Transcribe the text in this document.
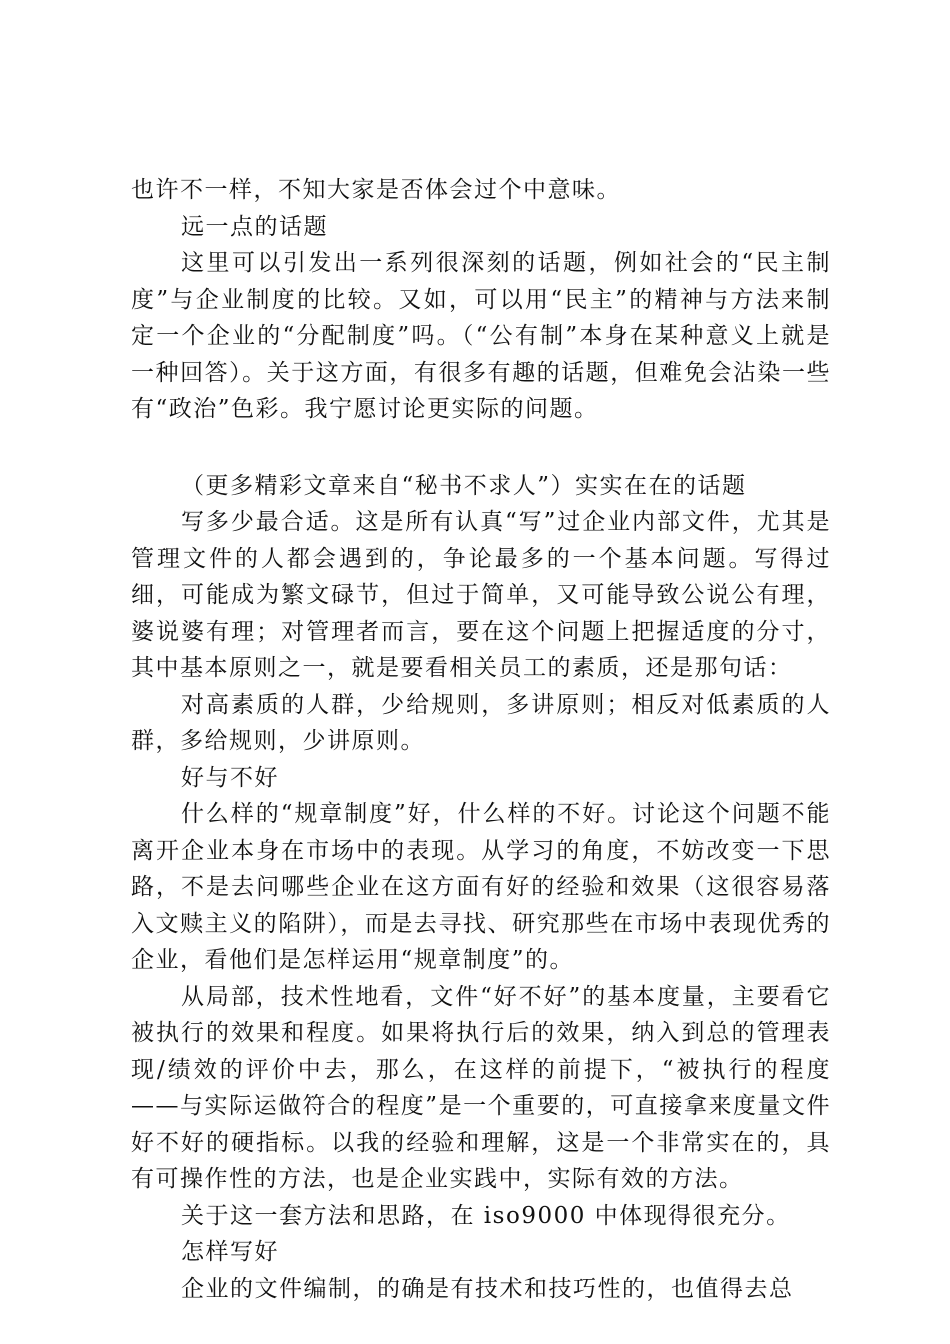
也许不一样，不知大家是否体会过个中意味。

远一点的话题

这里可以引发出一系列很深刻的话题，例如社会的“民主制度”与企业制度的比较。又如，可以用“民主”的精神与方法来制定一个企业的“分配制度”吗。（“公有制”本身在某种意义上就是一种回答）。关于这方面，有很多有趣的话题，但难免会沾染一些有“政治”色彩。我宁愿讨论更实际的问题。

（更多精彩文章来自“秘书不求人”）实实在在的话题

写多少最合适。这是所有认真“写”过企业内部文件，尤其是管理文件的人都会遇到的，争论最多的一个基本问题。写得过细，可能成为繁文碌节，但过于简单，又可能导致公说公有理，婆说婆有理；对管理者而言，要在这个问题上把握适度的分寸，其中基本原则之一，就是要看相关员工的素质，还是那句话：

对高素质的人群，少给规则，多讲原则；相反对低素质的人群，多给规则，少讲原则。

好与不好

什么样的“规章制度”好，什么样的不好。讨论这个问题不能离开企业本身在市场中的表现。从学习的角度，不妨改变一下思路，不是去问哪些企业在这方面有好的经验和效果（这很容易落入文赎主义的陷阱），而是去寻找、研究那些在市场中表现优秀的企业，看他们是怎样运用“规章制度”的。

从局部，技术性地看，文件“好不好”的基本度量，主要看它被执行的效果和程度。如果将执行后的效果，纳入到总的管理表现/绩效的评价中去，那么，在这样的前提下，“被执行的程度——与实际运做符合的程度”是一个重要的，可直接拿来度量文件好不好的硬指标。以我的经验和理解，这是一个非常实在的，具有可操作性的方法，也是企业实践中，实际有效的方法。

关于这一套方法和思路，在 iso9000 中体现得很充分。

怎样写好

企业的文件编制，的确是有技术和技巧性的，也值得去总
